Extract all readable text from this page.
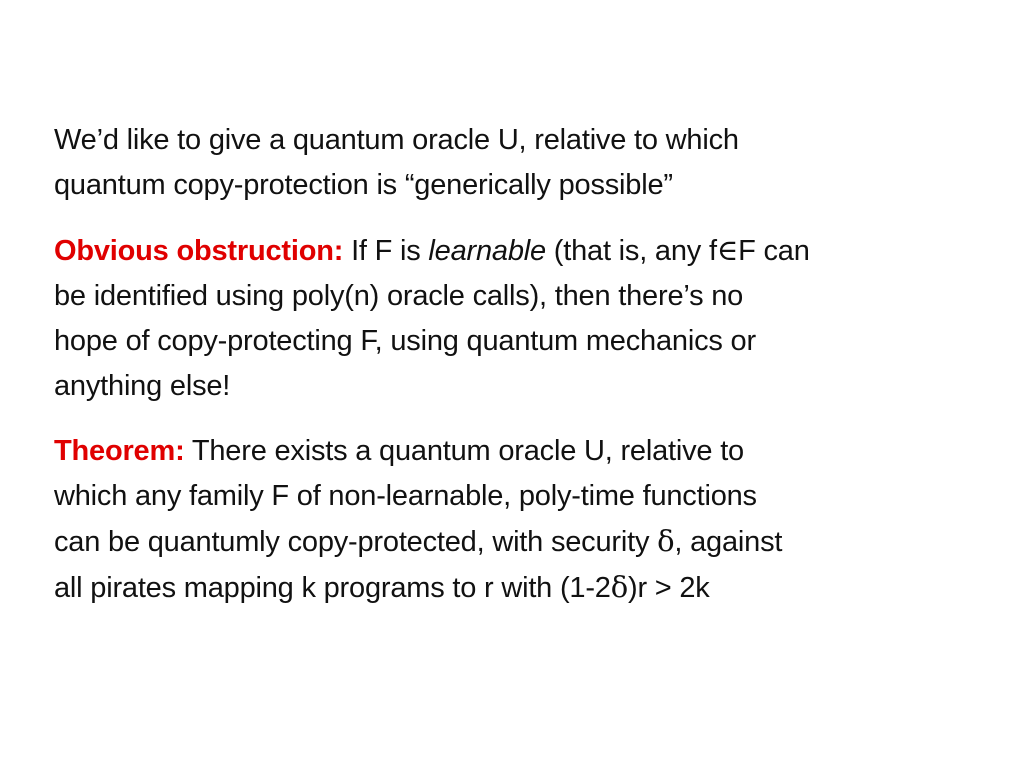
We’d like to give a quantum oracle U, relative to which
quantum copy-protection is “generically possible”

Obvious obstruction: If F is learnable (that is, any f∈F can
be identified using poly(n) oracle calls), then there’s no
hope of copy-protecting F, using quantum mechanics or
anything else!

Theorem: There exists a quantum oracle U, relative to
which any family F of non-learnable, poly-time functions
can be quantumly copy-protected, with security δ, against
all pirates mapping k programs to r with (1-2δ)r > 2k
